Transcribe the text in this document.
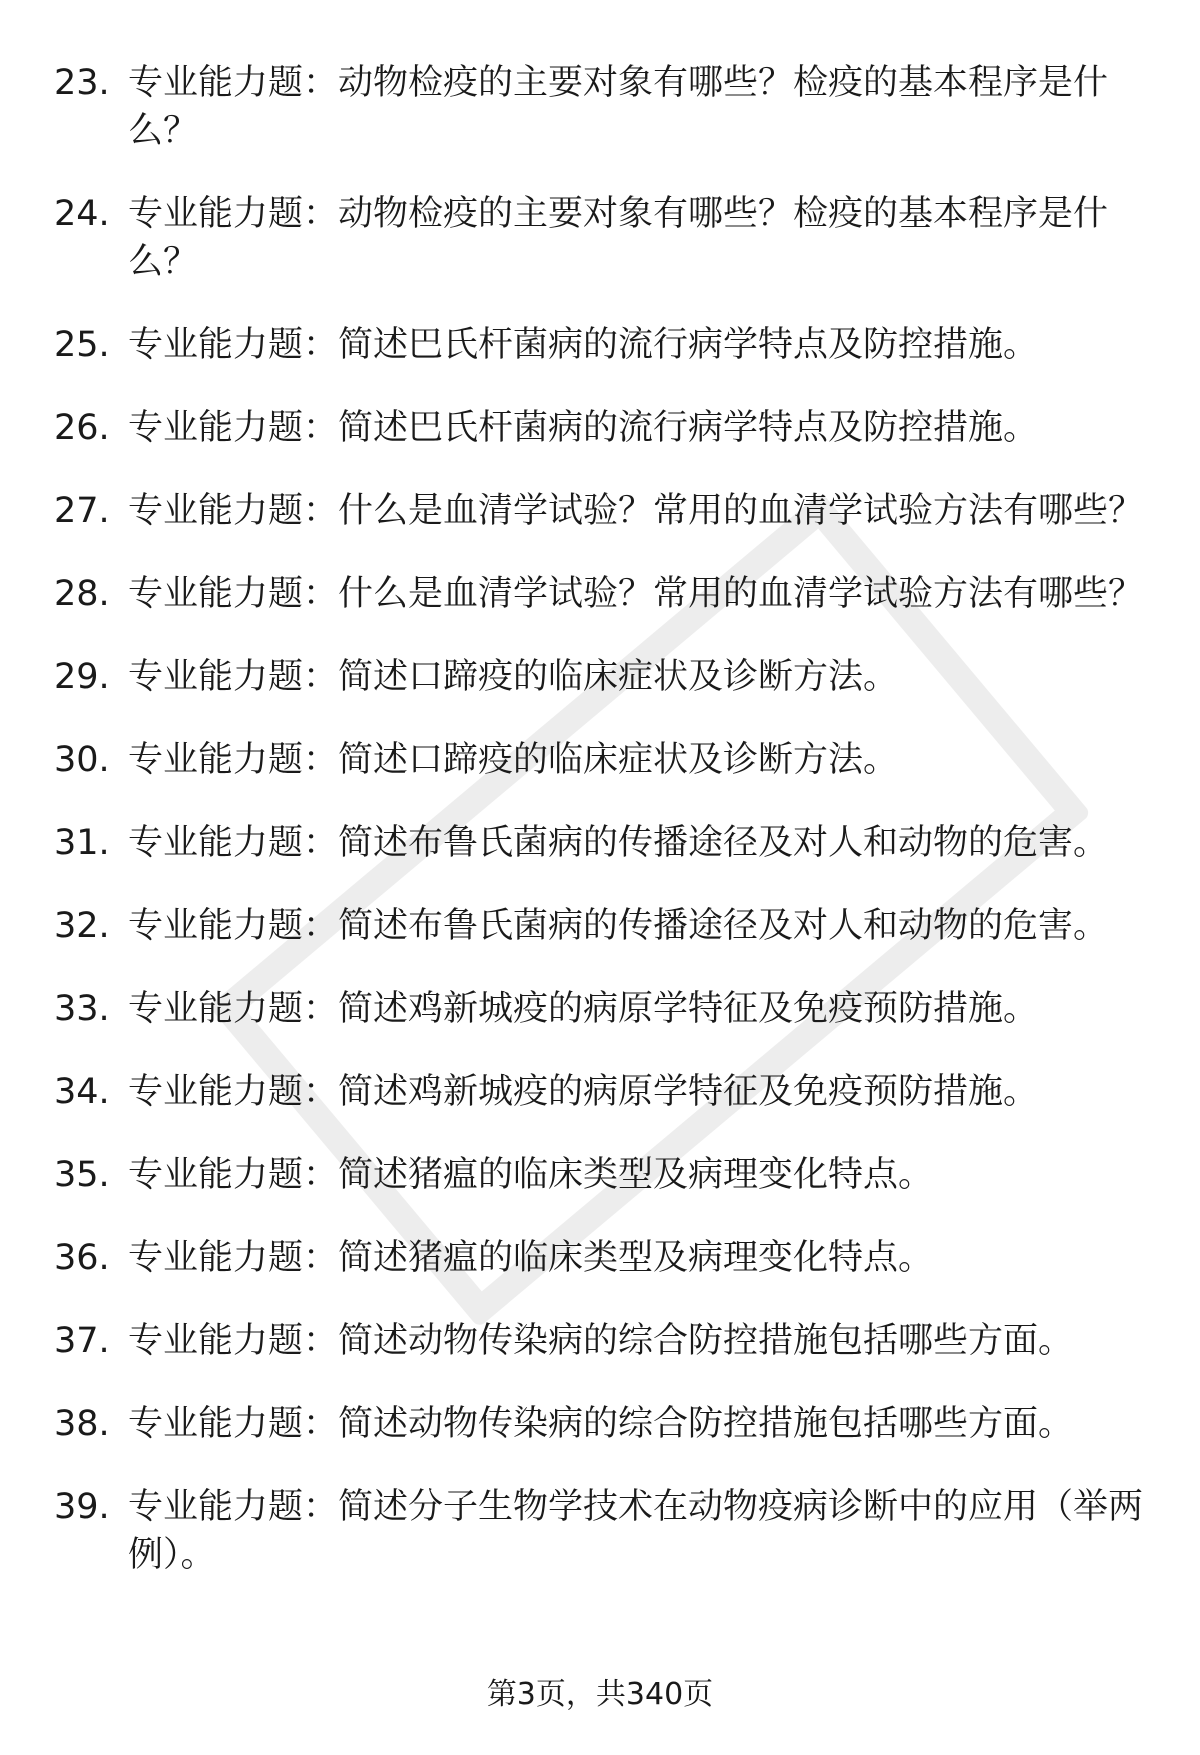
23. 专业能力题：动物检疫的主要对象有哪些？检疫的基本程序是什么？
24. 专业能力题：动物检疫的主要对象有哪些？检疫的基本程序是什么？
25. 专业能力题：简述巴氏杆菌病的流行病学特点及防控措施。
26. 专业能力题：简述巴氏杆菌病的流行病学特点及防控措施。
27. 专业能力题：什么是血清学试验？常用的血清学试验方法有哪些？
28. 专业能力题：什么是血清学试验？常用的血清学试验方法有哪些？
29. 专业能力题：简述口蹄疫的临床症状及诊断方法。
30. 专业能力题：简述口蹄疫的临床症状及诊断方法。
31. 专业能力题：简述布鲁氏菌病的传播途径及对人和动物的危害。
32. 专业能力题：简述布鲁氏菌病的传播途径及对人和动物的危害。
33. 专业能力题：简述鸡新城疫的病原学特征及免疫预防措施。
34. 专业能力题：简述鸡新城疫的病原学特征及免疫预防措施。
35. 专业能力题：简述猪瘟的临床类型及病理变化特点。
36. 专业能力题：简述猪瘟的临床类型及病理变化特点。
37. 专业能力题：简述动物传染病的综合防控措施包括哪些方面。
38. 专业能力题：简述动物传染病的综合防控措施包括哪些方面。
39. 专业能力题：简述分子生物学技术在动物疫病诊断中的应用（举两例）。
第3页，共340页
